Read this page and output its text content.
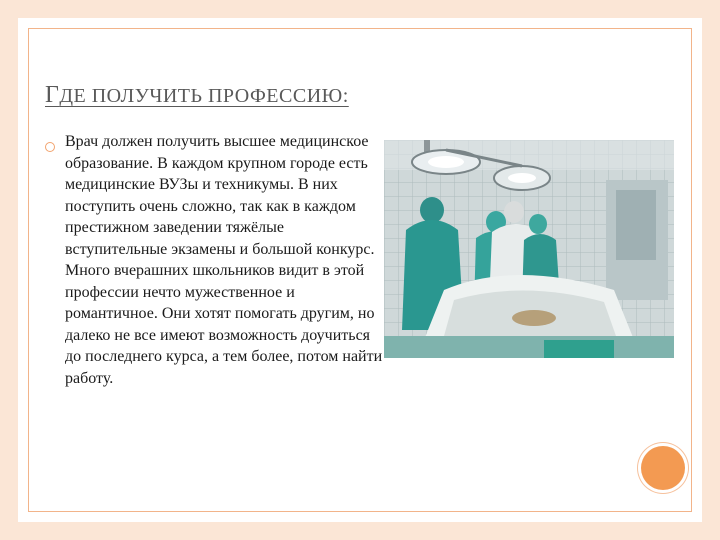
ГДЕ ПОЛУЧИТЬ ПРОФЕССИЮ:
Врач должен получить высшее медицинское образование. В каждом крупном городе есть медицинские ВУЗы и техникумы. В них поступить очень сложно, так как в каждом престижном заведении тяжёлые вступительные экзамены и большой конкурс. Много вчерашних школьников видит в этой профессии нечто мужественное и романтичное. Они хотят помогать другим, но далеко не все имеют возможность доучиться до последнего курса, а тем более, потом найти работу.
